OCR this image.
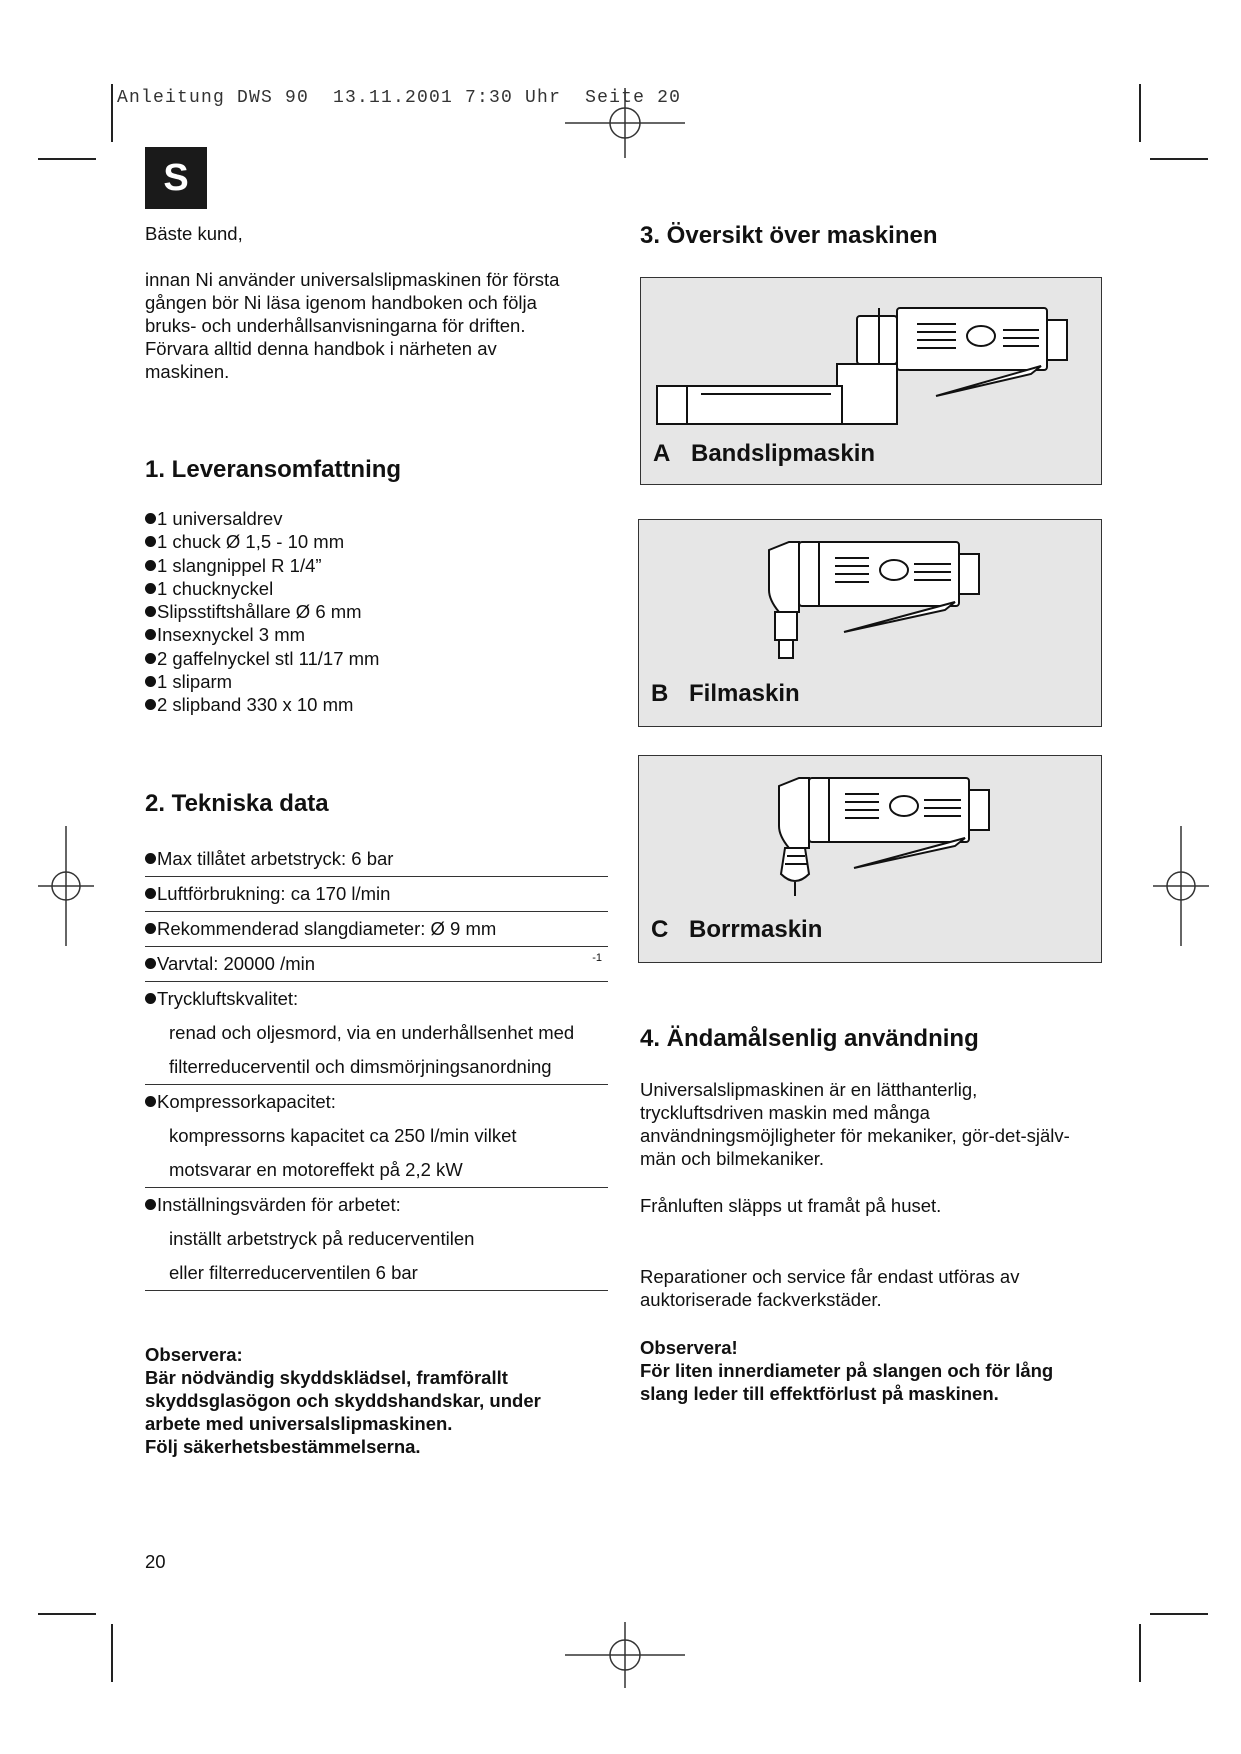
Anleitung DWS 90  13.11.2001 7:30 Uhr  Seite 20
S
Bäste kund,
innan Ni använder universalslipmaskinen för första
gången bör Ni läsa igenom handboken och följa
bruks- och underhållsanvisningarna för driften.
Förvara alltid denna handbok i närheten av
maskinen.
1. Leveransomfattning
1 universaldrev
1 chuck Ø 1,5 - 10 mm
1 slangnippel R 1/4”
1 chucknyckel
Slipsstiftshållare Ø 6 mm
Insexnyckel 3 mm
2 gaffelnyckel stl 11/17 mm
1 sliparm
2 slipband 330 x 10 mm
2. Tekniska data
Max tillåtet arbetstryck: 6 bar
Luftförbrukning: ca 170 l/min
Rekommenderad slangdiameter: Ø 9 mm
Varvtal: 20000 /min	-1
Tryckluftskvalitet:
renad och oljesmord, via en underhållsenhet med
filterreducerventil och dimsmörjningsanordning
Kompressorkapacitet:
kompressorns kapacitet ca 250 l/min vilket
motsvarar en motoreffekt på 2,2 kW
Inställningsvärden för arbetet:
inställt arbetstryck på reducerventilen
eller filterreducerventilen 6 bar
Observera:
Bär nödvändig skyddsklädsel, framförallt
skyddsglasögon och skyddshandskar, under
arbete med universalslipmaskinen.
Följ säkerhetsbestämmelserna.
20
3. Översikt över maskinen
A Bandslipmaskin
B Filmaskin
C Borrmaskin
4. Ändamålsenlig användning
Universalslipmaskinen är en lätthanterlig,
tryckluftsdriven maskin med många
användningsmöjligheter för mekaniker, gör-det-själv-
män och bilmekaniker.
Frånluften släpps ut framåt på huset.
Reparationer och service får endast utföras av
auktoriserade fackverkstäder.
Observera!
För liten innerdiameter på slangen och för lång
slang leder till effektförlust på maskinen.
